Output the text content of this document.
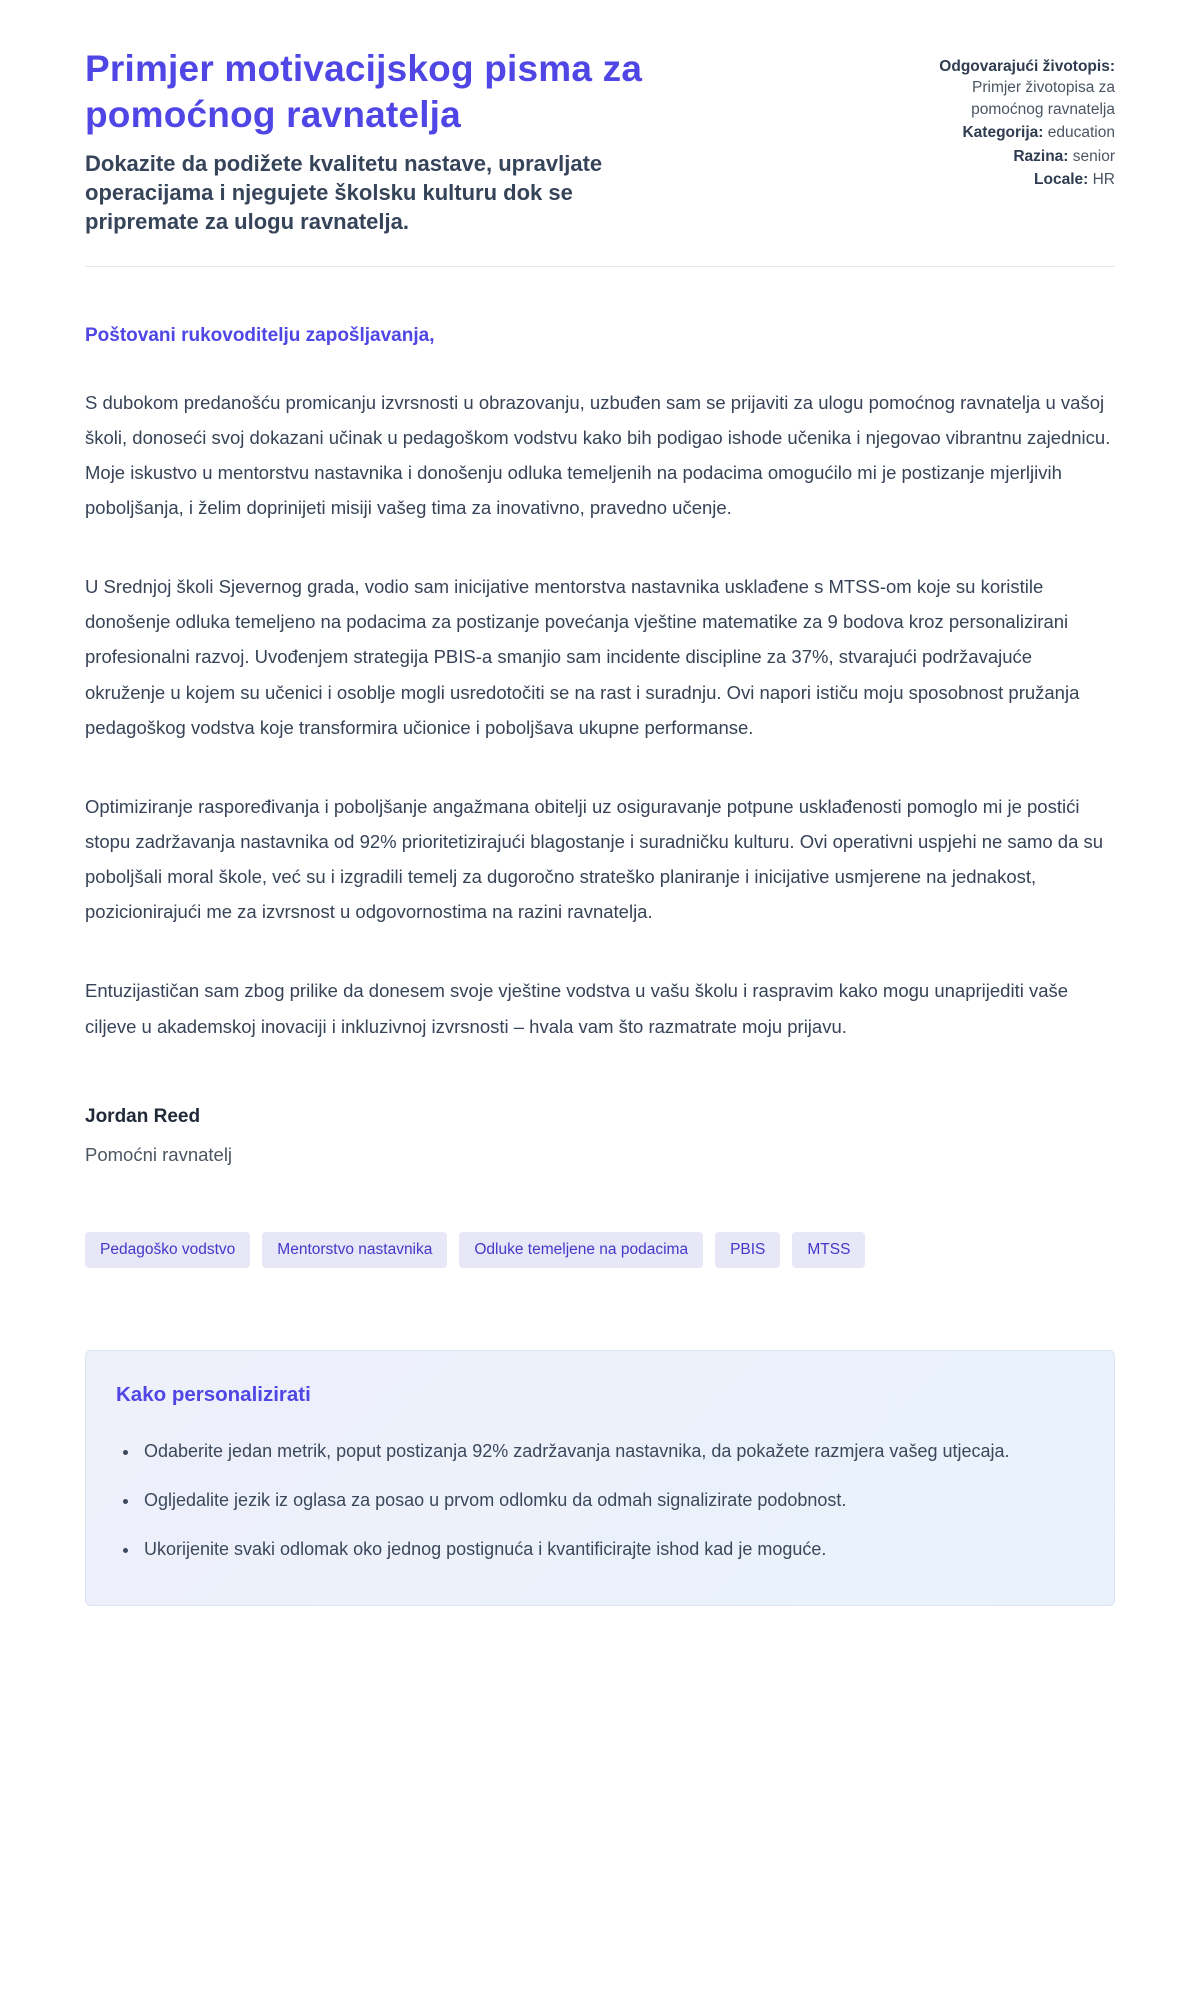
Primjer motivacijskog pisma za pomoćnog ravnatelja

Dokazite da podižete kvalitetu nastave, upravljate operacijama i njegujete školsku kulturu dok se pripremate za ulogu ravnatelja.

Odgovarajući životopis: Primjer životopisa za pomoćnog ravnatelja
Kategorija: education
Razina: senior
Locale: HR
Poštovani rukovoditelju zapošljavanja,

S dubokom predanošću promicanju izvrsnosti u obrazovanju, uzbuđen sam se prijaviti za ulogu pomoćnog ravnatelja u vašoj školi, donoseći svoj dokazani učinak u pedagoškom vodstvu kako bih podigao ishode učenika i njegovao vibrantnu zajednicu. Moje iskustvo u mentorstvu nastavnika i donošenju odluka temeljenih na podacima omogućilo mi je postizanje mjerljivih poboljšanja, i želim doprinijeti misiji vašeg tima za inovativno, pravedno učenje.

U Srednjoj školi Sjevernog grada, vodio sam inicijative mentorstva nastavnika usklađene s MTSS-om koje su koristile donošenje odluka temeljeno na podacima za postizanje povećanja vještine matematike za 9 bodova kroz personalizirani profesionalni razvoj. Uvođenjem strategija PBIS-a smanjio sam incidente discipline za 37%, stvarajući podržavajuće okruženje u kojem su učenici i osoblje mogli usredotočiti se na rast i suradnju. Ovi napori ističu moju sposobnost pružanja pedagoškog vodstva koje transformira učionice i poboljšava ukupne performanse.

Optimiziranje raspoređivanja i poboljšanje angažmana obitelji uz osiguravanje potpune usklađenosti pomoglo mi je postići stopu zadržavanja nastavnika od 92% prioritetizirajući blagostanje i suradničku kulturu. Ovi operativni uspjehi ne samo da su poboljšali moral škole, već su i izgradili temelj za dugoročno strateško planiranje i inicijative usmjerene na jednakost, pozicionirajući me za izvrsnost u odgovornostima na razini ravnatelja.

Entuzijastičan sam zbog prilike da donesem svoje vještine vodstva u vašu školu i raspravim kako mogu unaprijediti vaše ciljeve u akademskoj inovaciji i inkluzivnoj izvrsnosti – hvala vam što razmatrate moju prijavu.

Jordan Reed
Pomoćni ravnatelj
Pedagoško vodstvo	Mentorstvo nastavnika	Odluke temeljene na podacima	PBIS	MTSS
Kako personalizirati
• Odaberite jedan metrik, poput postizanja 92% zadržavanja nastavnika, da pokažete razmjera vašeg utjecaja.
• Ogljedalite jezik iz oglasa za posao u prvom odlomku da odmah signalizirate podobnost.
• Ukorijenite svaki odlomak oko jednog postignuća i kvantificirajte ishod kad je moguće.
